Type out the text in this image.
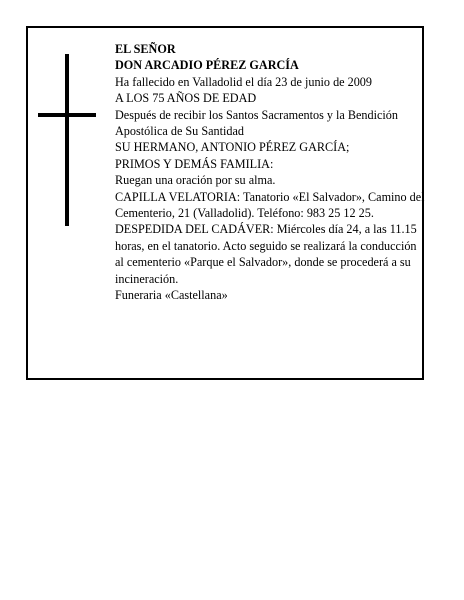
EL SEÑOR

DON ARCADIO PÉREZ GARCÍA

Ha fallecido en Valladolid el día 23 de junio de 2009

A LOS 75 AÑOS DE EDAD

Después de recibir los Santos Sacramentos y la Bendición Apostólica de Su Santidad

SU HERMANO, ANTONIO PÉREZ GARCÍA;

PRIMOS Y DEMÁS FAMILIA:

Ruegan una oración por su alma.

CAPILLA VELATORIA: Tanatorio «El Salvador», Camino del Cementerio, 21 (Valladolid). Teléfono: 983 25 12 25.

DESPEDIDA DEL CADÁVER: Miércoles día 24, a las 11.15 horas, en el tanatorio. Acto seguido se realizará la conducción al cementerio «Parque el Salvador», donde se procederá a su incineración.

Funeraria «Castellana»
